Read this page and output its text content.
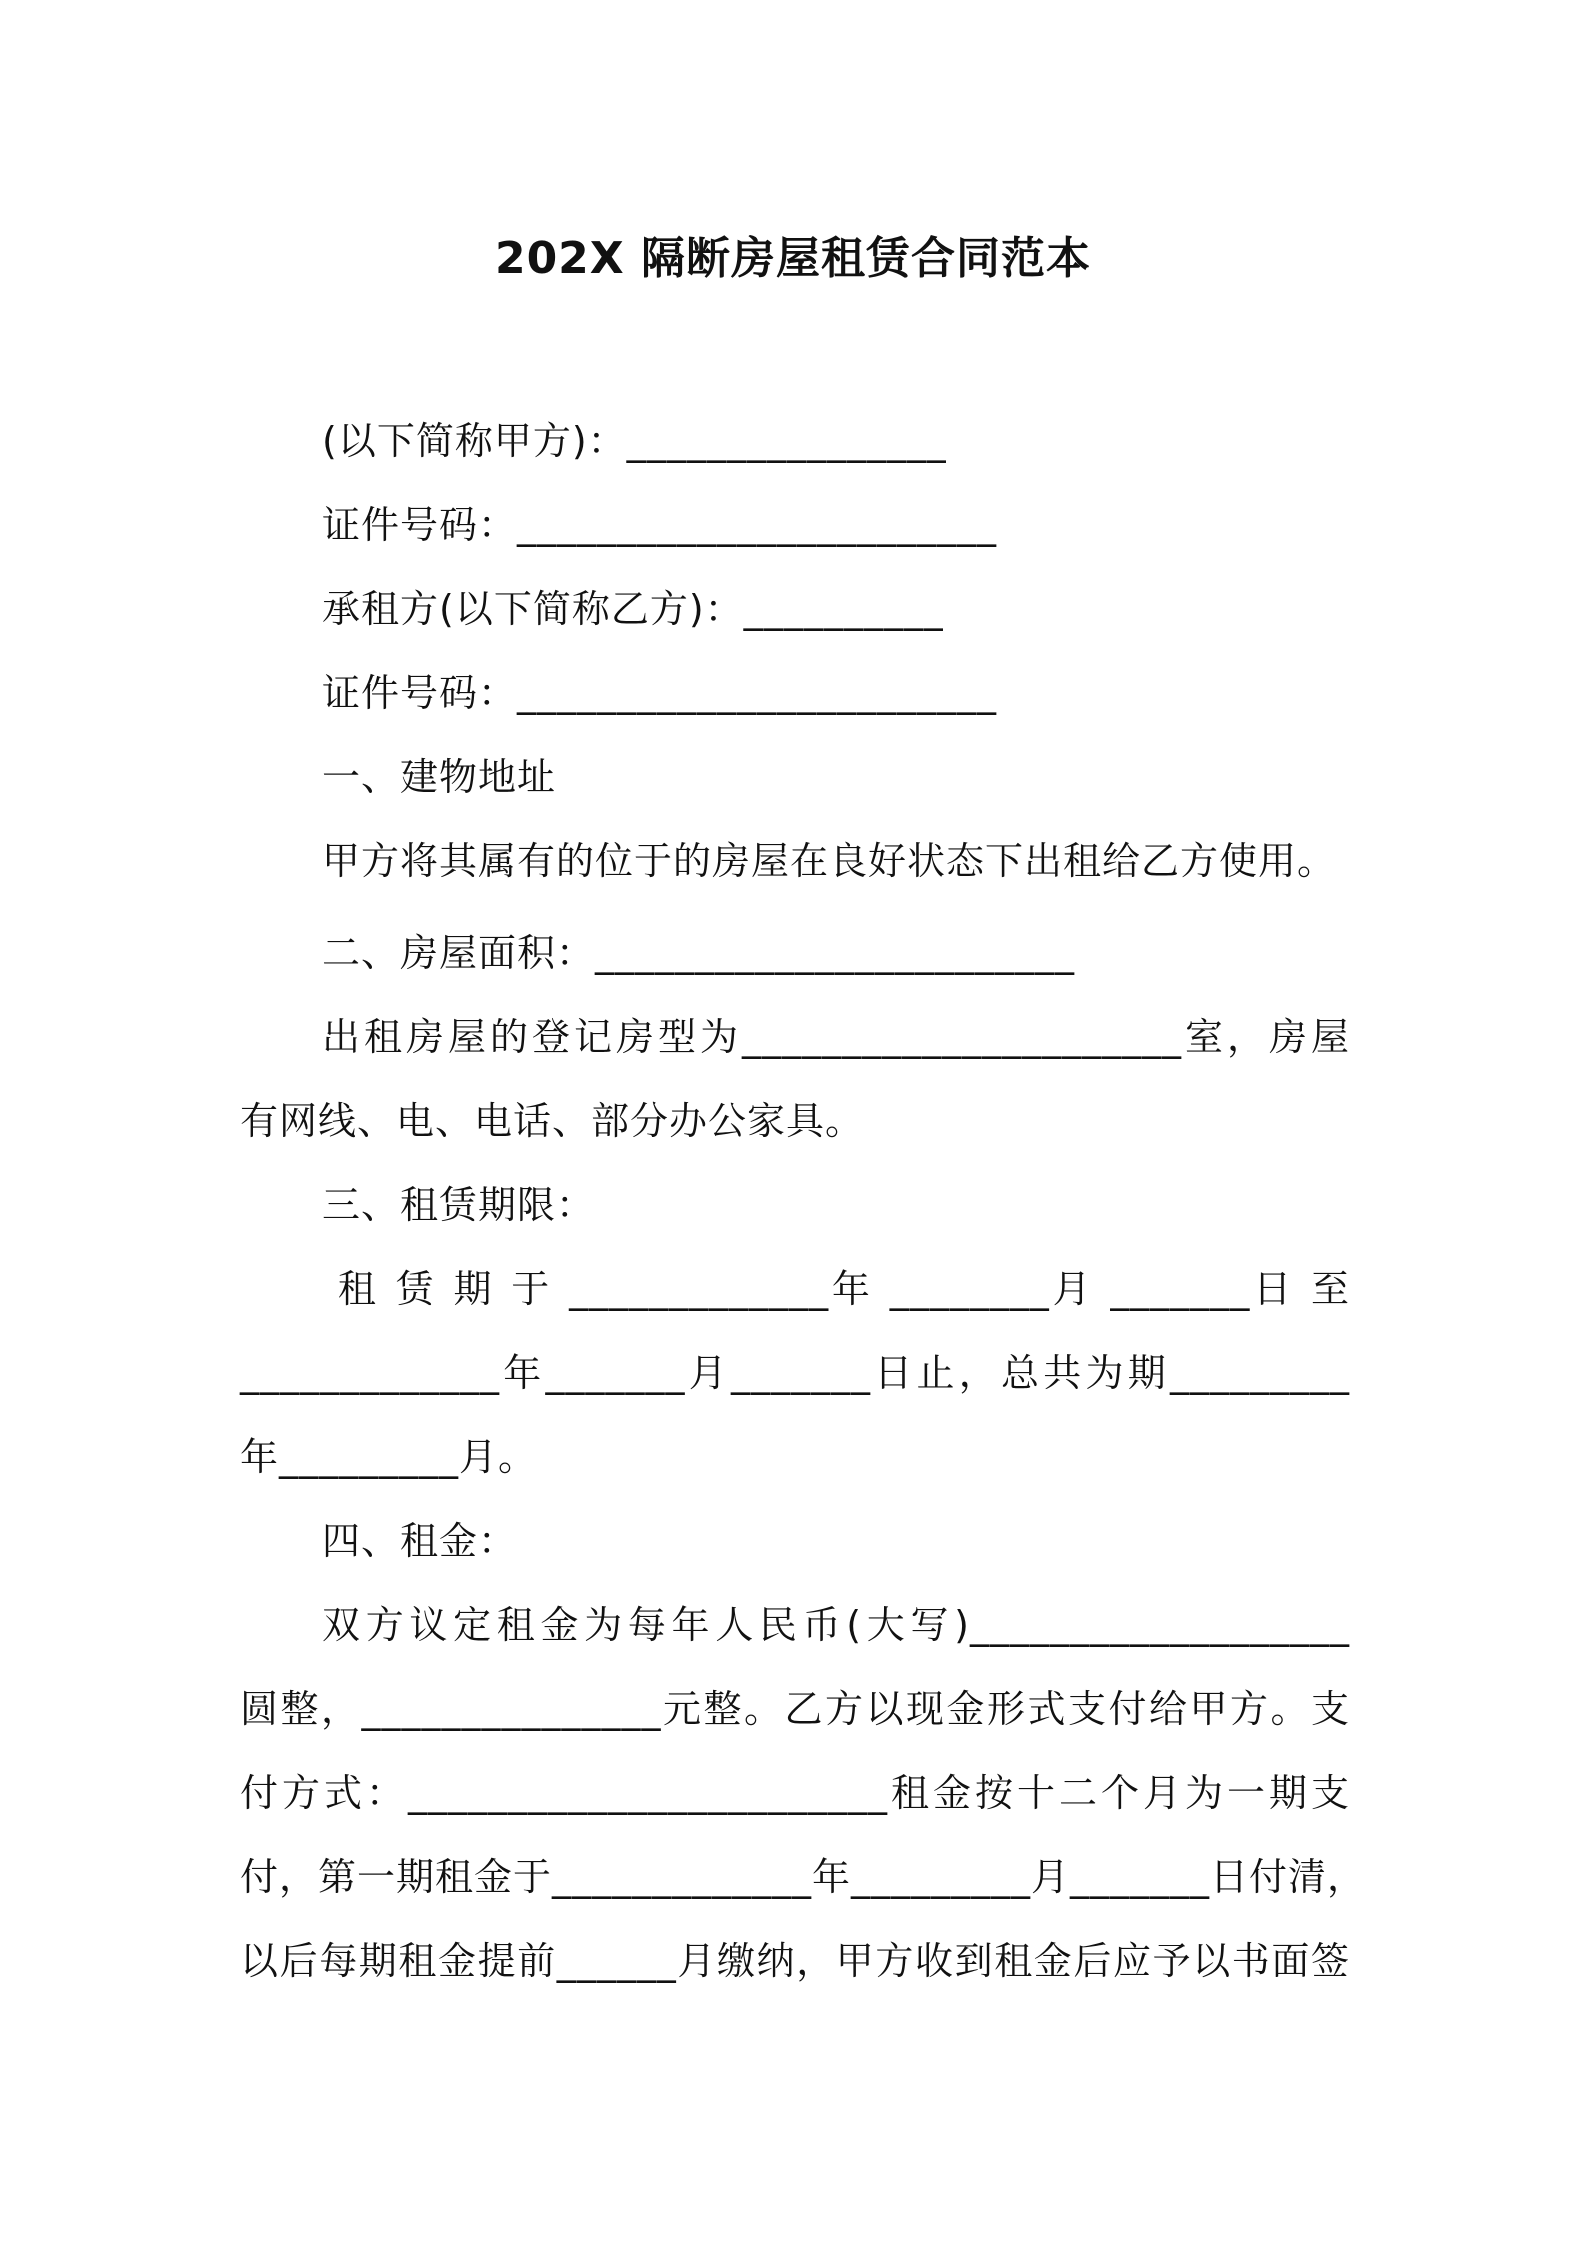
202X 隔断房屋租赁合同范本
(以下简称甲方)：________________
证件号码：________________________
承租方(以下简称乙方)：__________
证件号码：________________________
一、建物地址
甲方将其属有的位于的房屋在良好状态下出租给乙方使用。
二、房屋面积：________________________
出租房屋的登记房型为______________________室，房屋
有网线、电、电话、部分办公家具。
三、租赁期限：
租 赁 期 于 _____________年 ________月 _______日 至
_____________年_______月_______日止，总共为期_________
年_________月。
四、租金：
双方议定租金为每年人民币(大写)___________________
圆整，_______________元整。乙方以现金形式支付给甲方。支
付方式：________________________租金按十二个月为一期支
付，第一期租金于_____________年_________月_______日付清，
以后每期租金提前______月缴纳，甲方收到租金后应予以书面签
